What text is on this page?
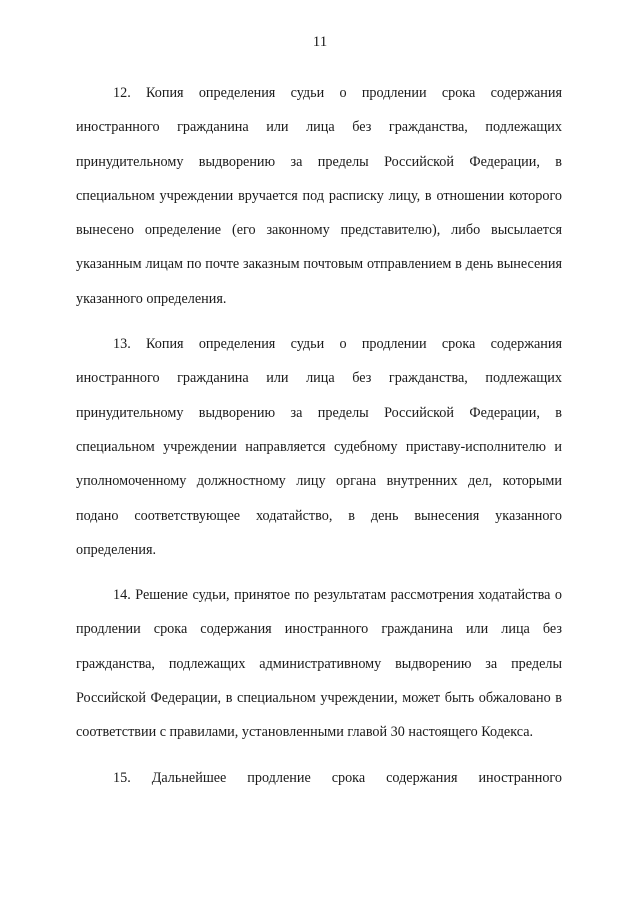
11

12. Копия определения судьи о продлении срока содержания иностранного гражданина или лица без гражданства, подлежащих принудительному выдворению за пределы Российской Федерации, в специальном учреждении вручается под расписку лицу, в отношении которого вынесено определение (его законному представителю), либо высылается указанным лицам по почте заказным почтовым отправлением в день вынесения указанного определения.

13. Копия определения судьи о продлении срока содержания иностранного гражданина или лица без гражданства, подлежащих принудительному выдворению за пределы Российской Федерации, в специальном учреждении направляется судебному приставу-исполнителю и уполномоченному должностному лицу органа внутренних дел, которыми подано соответствующее ходатайство, в день вынесения указанного определения.

14. Решение судьи, принятое по результатам рассмотрения ходатайства о продлении срока содержания иностранного гражданина или лица без гражданства, подлежащих административному выдворению за пределы Российской Федерации, в специальном учреждении, может быть обжаловано в соответствии с правилами, установленными главой 30 настоящего Кодекса.

15. Дальнейшее продление срока содержания иностранного
